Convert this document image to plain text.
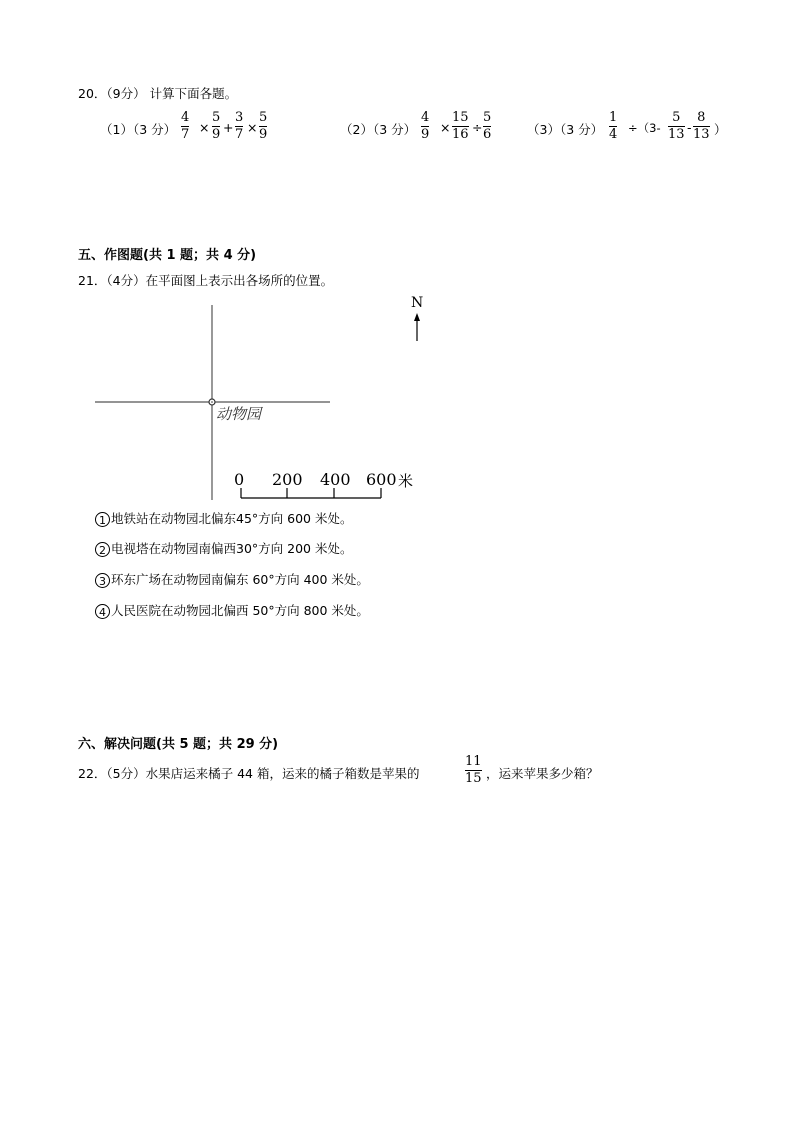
20．（9分） 计算下面各题。
（1）（3 分）
4
7 ×
5
9 +
3
7 ×
5
9	（2）（3 分）
4
9 ×
15
16 ÷
5
6	（3）（3 分）
1
4 ÷（3-
5
13 -
8
13 ）
五、作图题(共 1 题；共 4 分)
21．（4分）在平面图上表示出各场所的位置。
N
动物园
0 200 400 600 米
1 地铁站在动物园北偏东45°方向 600 米处。
2 电视塔在动物园南偏西30°方向 200 米处。
3 环东广场在动物园南偏东 60°方向 400 米处。
4 人民医院在动物园北偏西 50°方向 800 米处。
六、解决问题(共 5 题；共 29 分)
22．（5分）水果店运来橘子 44 箱，运来的橘子箱数是苹果的
11
15 ，运来苹果多少箱？
